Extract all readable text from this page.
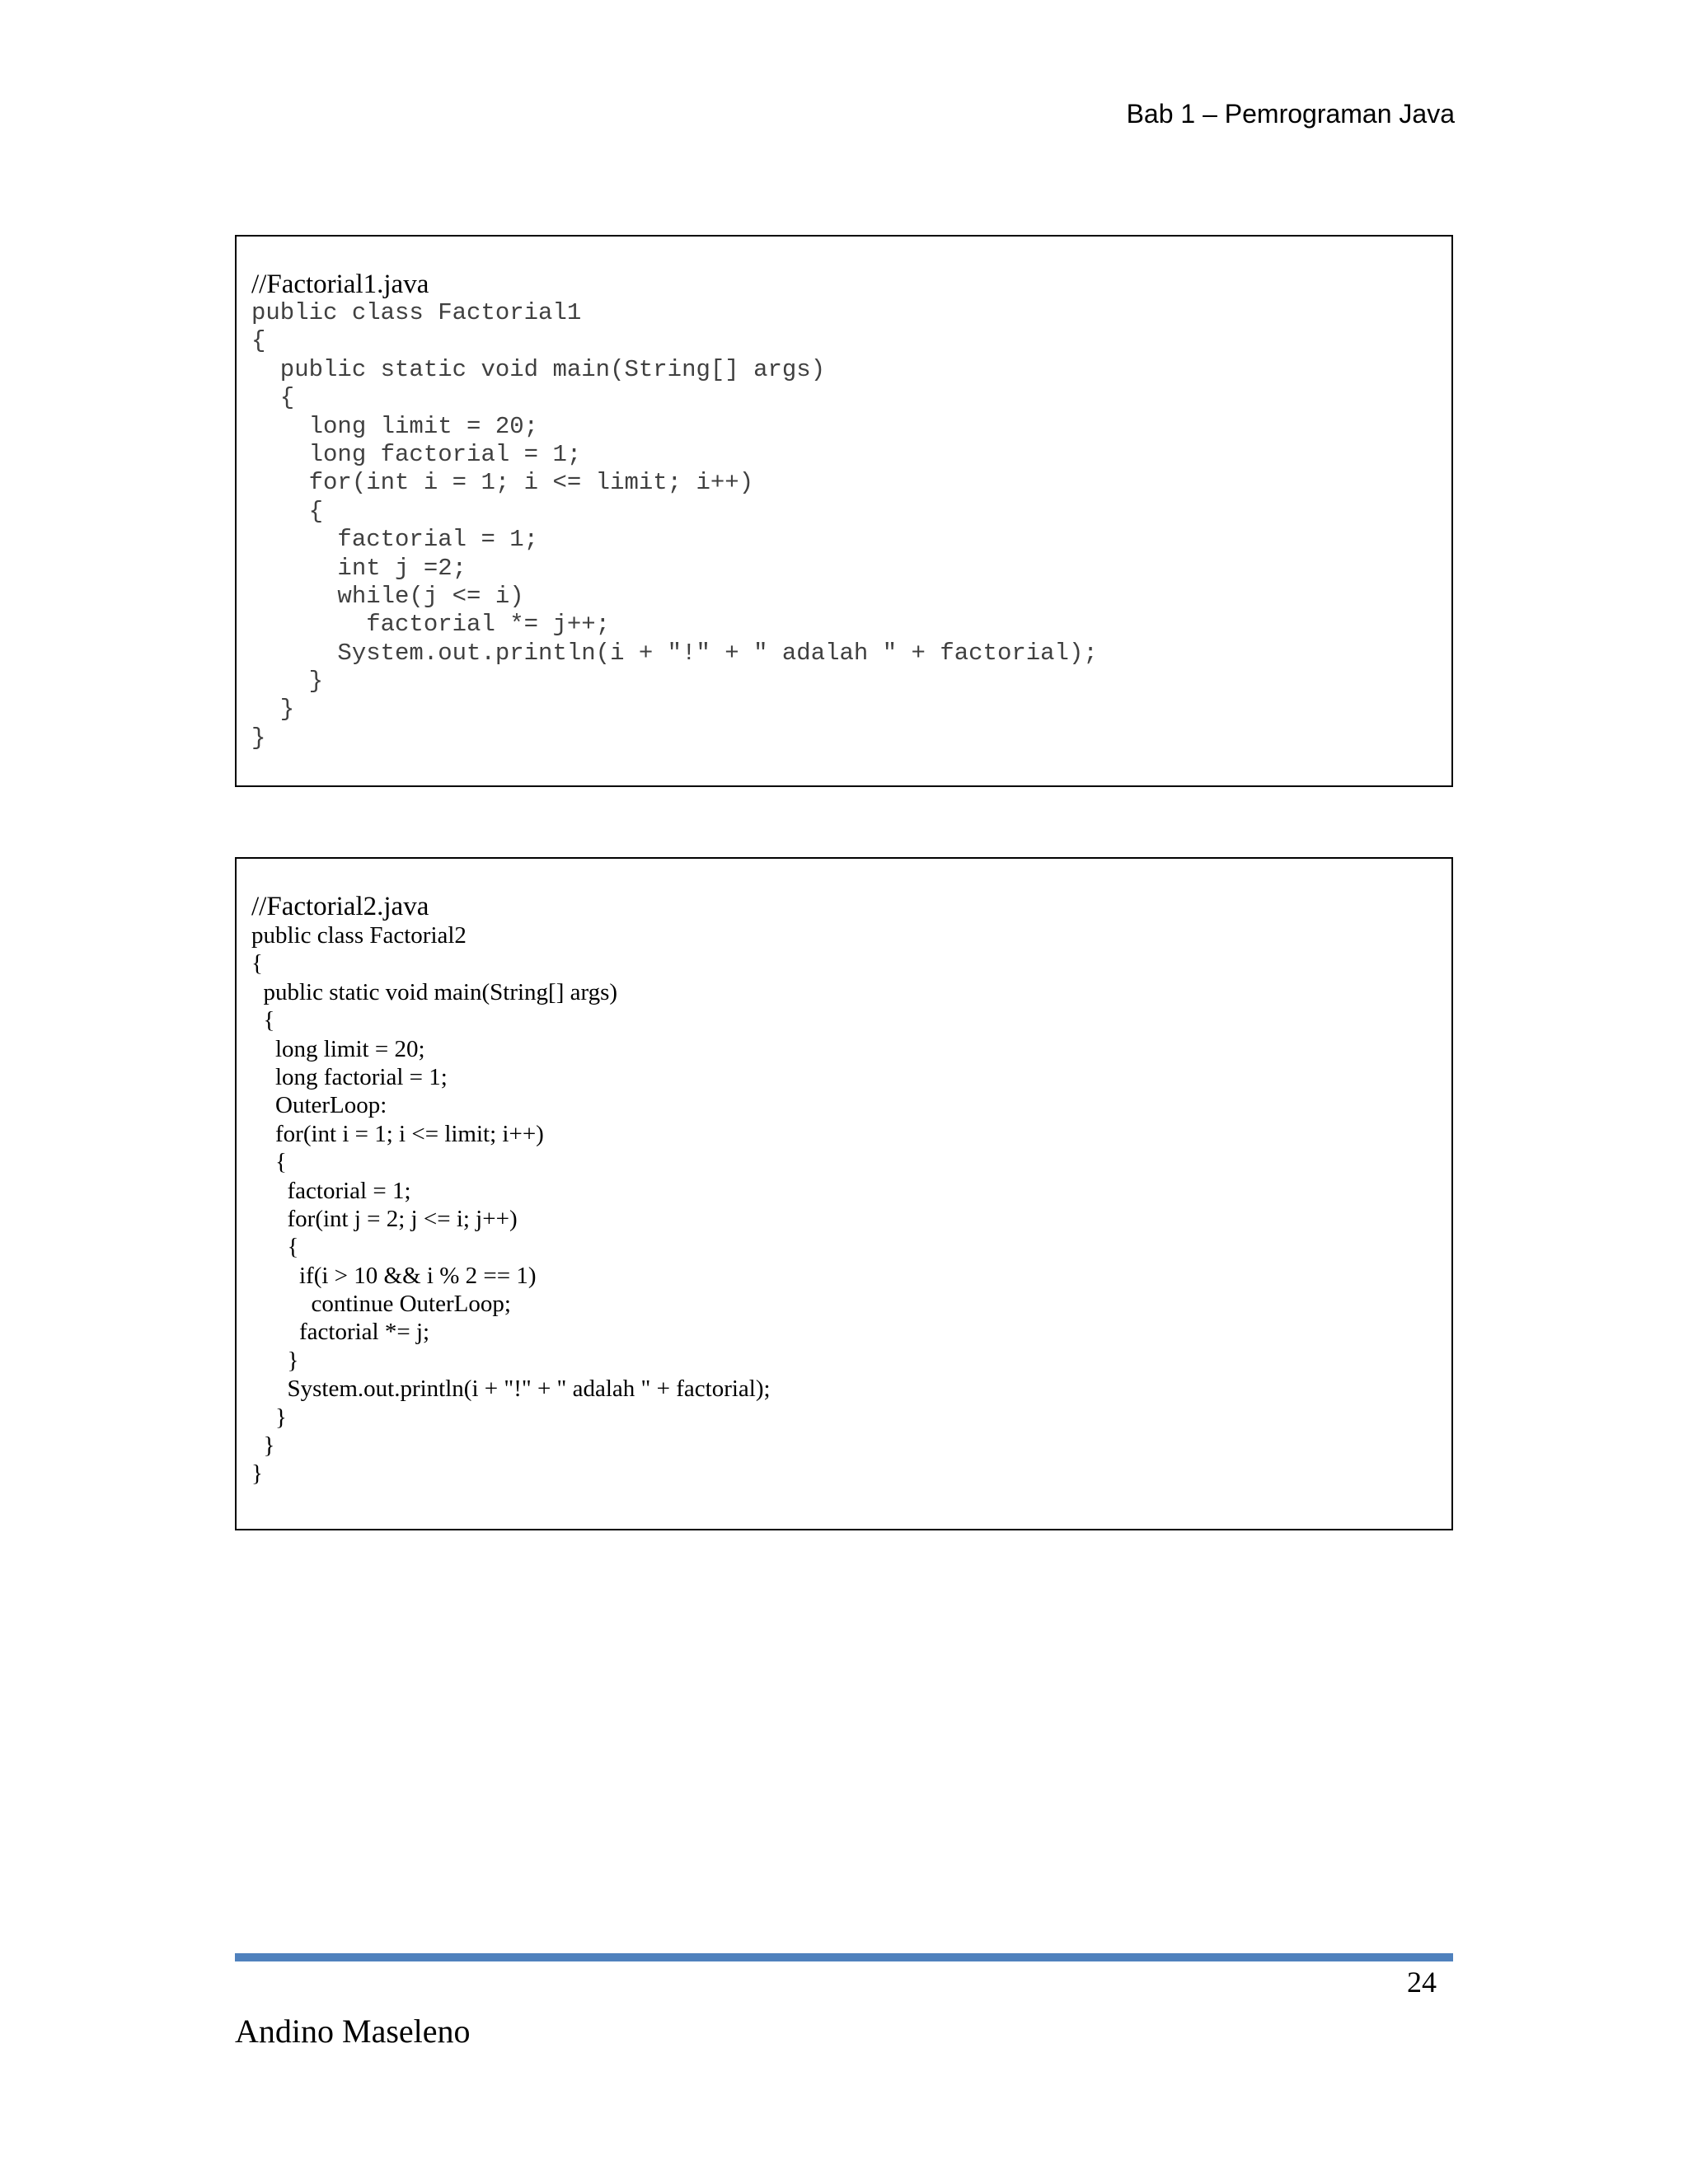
Bab 1 – Pemrograman Java
//Factorial1.java
public class Factorial1
{
public static void main(String[] args)
{
long limit = 20;
long factorial = 1;
for(int i = 1; i <= limit; i++)
{
factorial = 1;
int j =2;
while(j <= i)
factorial *= j++;
System.out.println(i + "!" + " adalah " + factorial);
}
}
}
//Factorial2.java
public class Factorial2
{
public static void main(String[] args)
{
long limit = 20;
long factorial = 1;
OuterLoop:
for(int i = 1; i <= limit; i++)
{
factorial = 1;
for(int j = 2; j <= i; j++)
{
if(i > 10 && i % 2 == 1)
continue OuterLoop;
factorial *= j;
}
System.out.println(i + "!" + " adalah " + factorial);
}
}
}
24
Andino Maseleno
